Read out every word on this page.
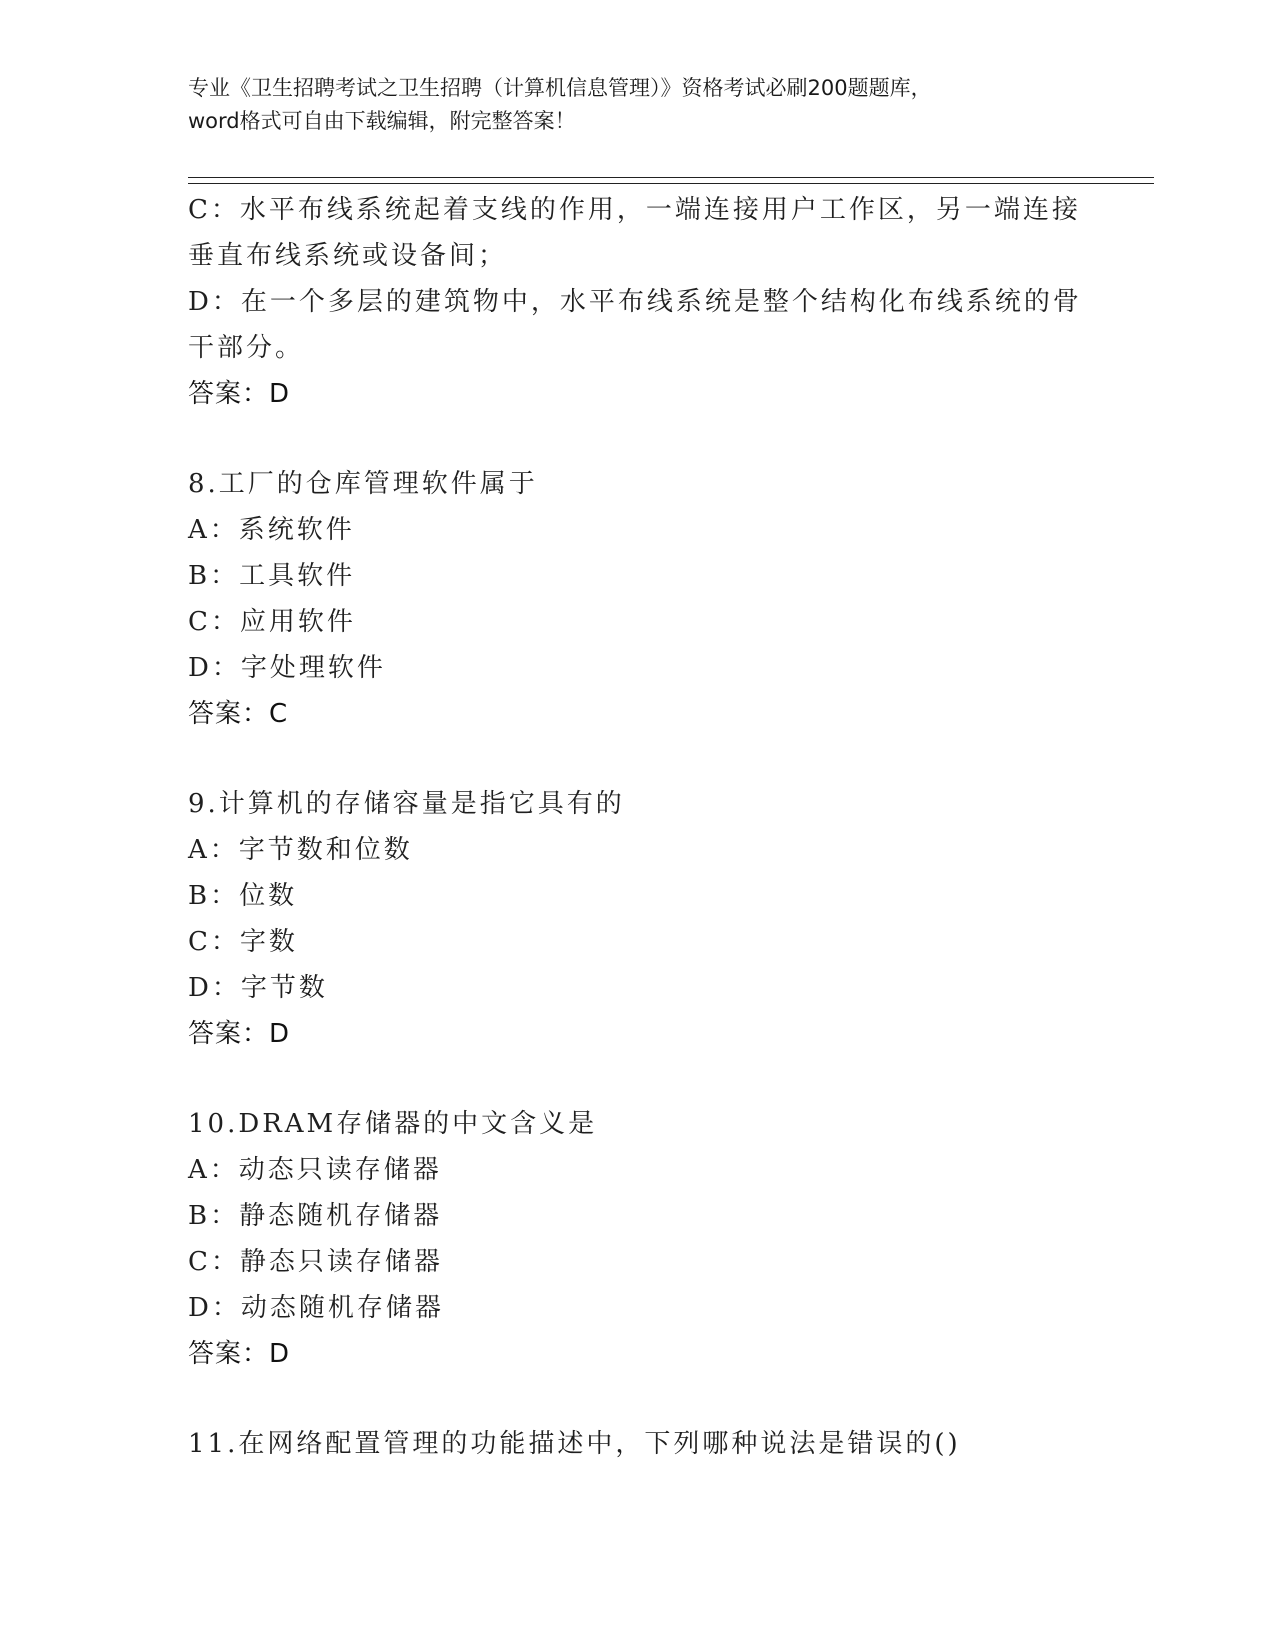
专业《卫生招聘考试之卫生招聘（计算机信息管理）》资格考试必刷200题题库，
word格式可自由下载编辑，附完整答案！
C：水平布线系统起着支线的作用，一端连接用户工作区，另一端连接
垂直布线系统或设备间；
D：在一个多层的建筑物中，水平布线系统是整个结构化布线系统的骨
干部分。
答案：D
8.工厂的仓库管理软件属于
A：系统软件
B：工具软件
C：应用软件
D：字处理软件
答案：C
9.计算机的存储容量是指它具有的
A：字节数和位数
B：位数
C：字数
D：字节数
答案：D
10.DRAM存储器的中文含义是
A：动态只读存储器
B：静态随机存储器
C：静态只读存储器
D：动态随机存储器
答案：D
11.在网络配置管理的功能描述中，下列哪种说法是错误的()
